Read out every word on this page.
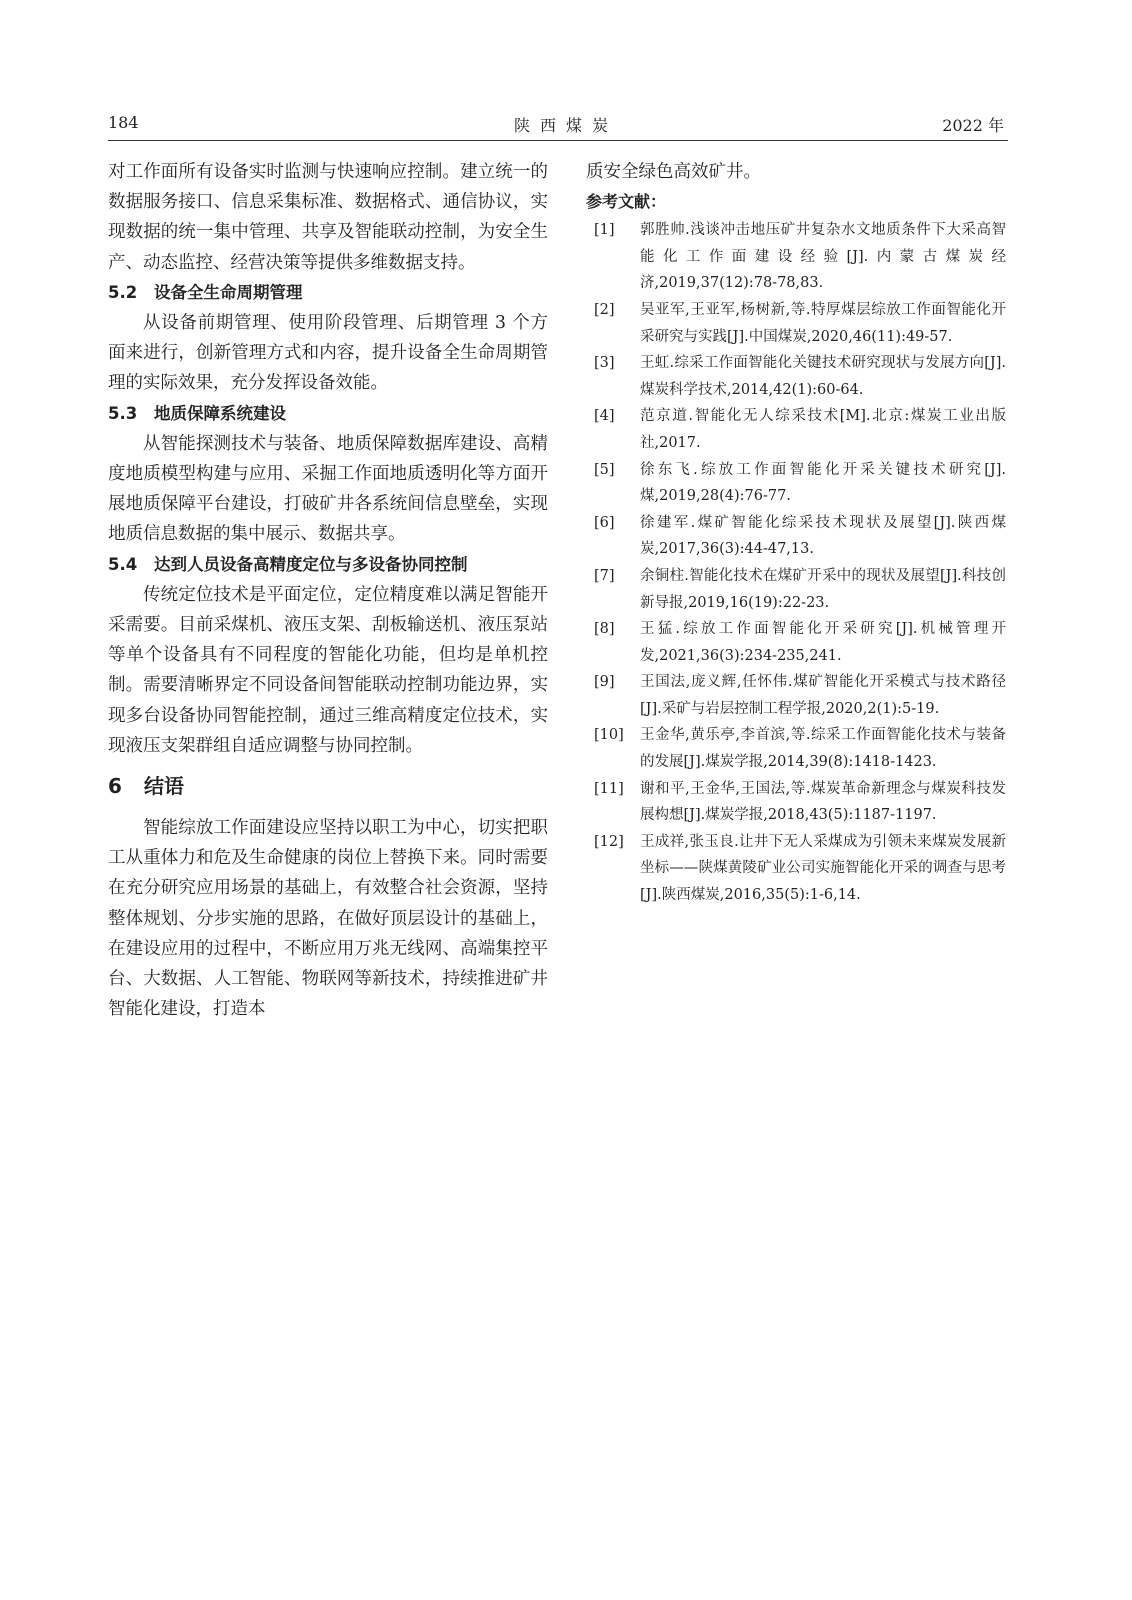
184	陕西煤炭	2022 年

对工作面所有设备实时监测与快速响应控制。建立统一的数据服务接口、信息采集标准、数据格式、通信协议，实现数据的统一集中管理、共享及智能联动控制，为安全生产、动态监控、经营决策等提供多维数据支持。

5.2 设备全生命周期管理

从设备前期管理、使用阶段管理、后期管理 3 个方面来进行，创新管理方式和内容，提升设备全生命周期管理的实际效果，充分发挥设备效能。

5.3 地质保障系统建设

从智能探测技术与装备、地质保障数据库建设、高精度地质模型构建与应用、采掘工作面地质透明化等方面开展地质保障平台建设，打破矿井各系统间信息壁垒，实现地质信息数据的集中展示、数据共享。

5.4 达到人员设备高精度定位与多设备协同控制

传统定位技术是平面定位，定位精度难以满足智能开采需要。目前采煤机、液压支架、刮板输送机、液压泵站等单个设备具有不同程度的智能化功能，但均是单机控制。需要清晰界定不同设备间智能联动控制功能边界，实现多台设备协同智能控制，通过三维高精度定位技术，实现液压支架群组自适应调整与协同控制。

6 结语

智能综放工作面建设应坚持以职工为中心，切实把职工从重体力和危及生命健康的岗位上替换下来。同时需要在充分研究应用场景的基础上，有效整合社会资源，坚持整体规划、分步实施的思路，在做好顶层设计的基础上，在建设应用的过程中，不断应用万兆无线网、高端集控平台、大数据、人工智能、物联网等新技术，持续推进矿井智能化建设，打造本

质安全绿色高效矿井。

参考文献：

[1] 郭胜帅.浅谈冲击地压矿井复杂水文地质条件下大采高智能化工作面建设经验[J].内蒙古煤炭经济,2019,37(12):78-78,83.

[2] 吴亚军,王亚军,杨树新,等.特厚煤层综放工作面智能化开采研究与实践[J].中国煤炭,2020,46(11):49-57.

[3] 王虹.综采工作面智能化关键技术研究现状与发展方向[J].煤炭科学技术,2014,42(1):60-64.

[4] 范京道.智能化无人综采技术[M].北京:煤炭工业出版社,2017.

[5] 徐东飞.综放工作面智能化开采关键技术研究[J].煤,2019,28(4):76-77.

[6] 徐建军.煤矿智能化综采技术现状及展望[J].陕西煤炭,2017,36(3):44-47,13.

[7] 余铜柱.智能化技术在煤矿开采中的现状及展望[J].科技创新导报,2019,16(19):22-23.

[8] 王猛.综放工作面智能化开采研究[J].机械管理开发,2021,36(3):234-235,241.

[9] 王国法,庞义辉,任怀伟.煤矿智能化开采模式与技术路径[J].采矿与岩层控制工程学报,2020,2(1):5-19.

[10] 王金华,黄乐亭,李首滨,等.综采工作面智能化技术与装备的发展[J].煤炭学报,2014,39(8):1418-1423.

[11] 谢和平,王金华,王国法,等.煤炭革命新理念与煤炭科技发展构想[J].煤炭学报,2018,43(5):1187-1197.

[12] 王成祥,张玉良.让井下无人采煤成为引领未来煤炭发展新坐标——陕煤黄陵矿业公司实施智能化开采的调查与思考[J].陕西煤炭,2016,35(5):1-6,14.
